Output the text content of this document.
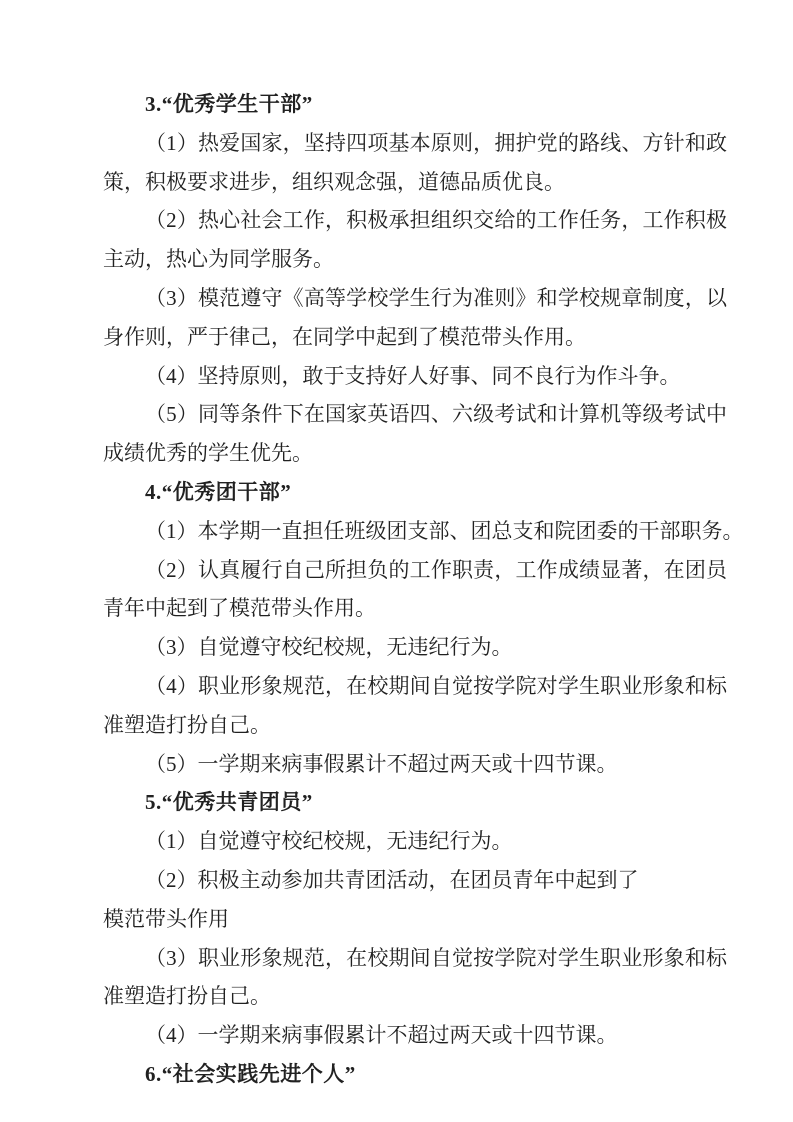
3.“优秀学生干部”
（1）热爱国家，坚持四项基本原则，拥护党的路线、方针和政
策，积极要求进步，组织观念强，道德品质优良。
（2）热心社会工作，积极承担组织交给的工作任务，工作积极
主动，热心为同学服务。
（3）模范遵守《高等学校学生行为准则》和学校规章制度，以
身作则，严于律己，在同学中起到了模范带头作用。
（4）坚持原则，敢于支持好人好事、同不良行为作斗争。
（5）同等条件下在国家英语四、六级考试和计算机等级考试中
成绩优秀的学生优先。
4.“优秀团干部”
（1）本学期一直担任班级团支部、团总支和院团委的干部职务。
（2）认真履行自己所担负的工作职责，工作成绩显著，在团员
青年中起到了模范带头作用。
（3）自觉遵守校纪校规，无违纪行为。
（4）职业形象规范，在校期间自觉按学院对学生职业形象和标
准塑造打扮自己。
（5）一学期来病事假累计不超过两天或十四节课。
5.“优秀共青团员”
（1）自觉遵守校纪校规，无违纪行为。
（2）积极主动参加共青团活动，在团员青年中起到了
模范带头作用
（3）职业形象规范，在校期间自觉按学院对学生职业形象和标
准塑造打扮自己。
（4）一学期来病事假累计不超过两天或十四节课。
6.“社会实践先进个人”
